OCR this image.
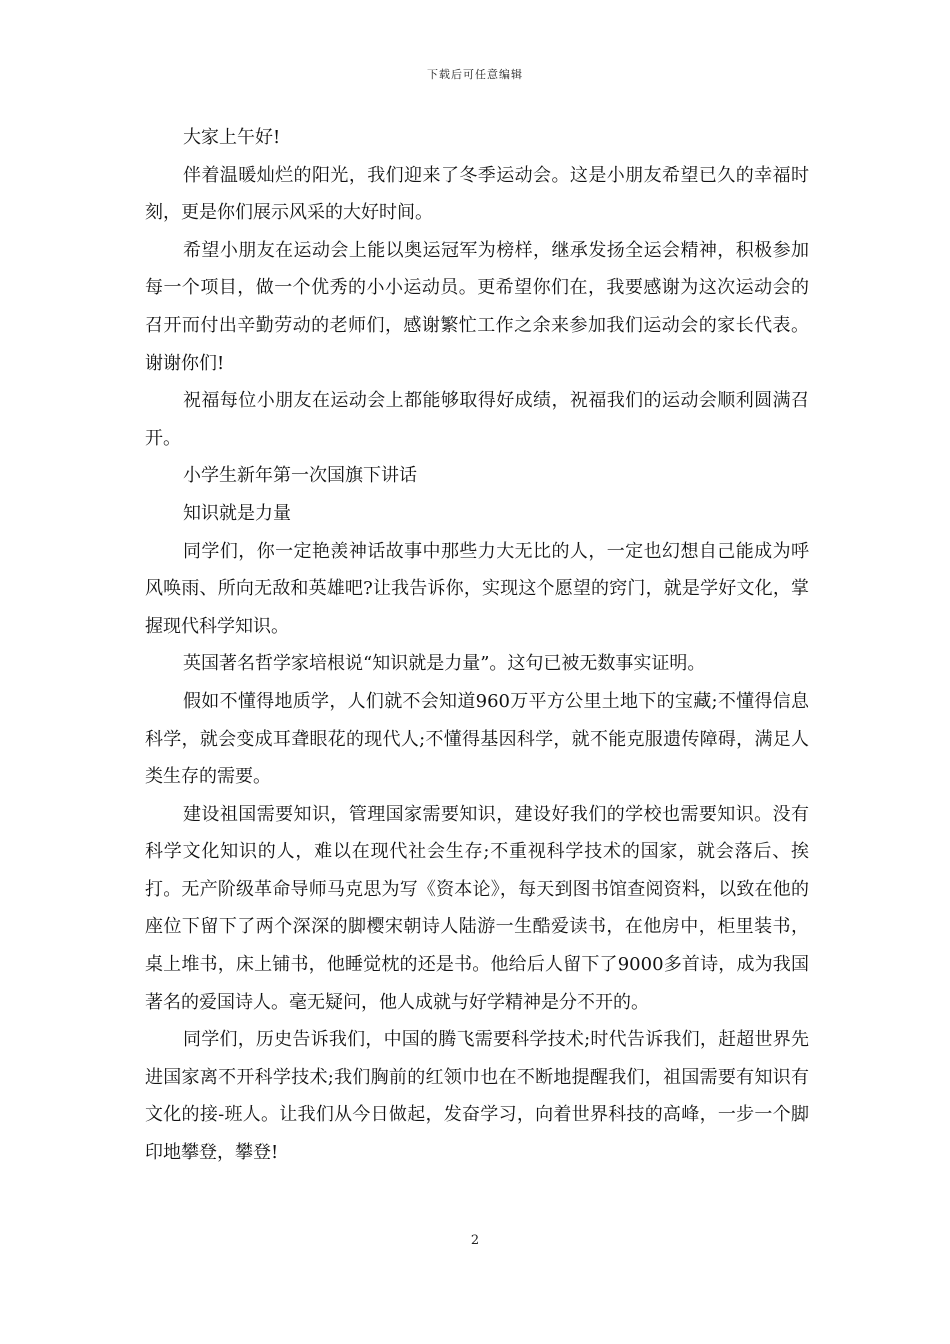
下载后可任意编辑

大家上午好!

伴着温暖灿烂的阳光，我们迎来了冬季运动会。这是小朋友希望已久的幸福时刻，更是你们展示风采的大好时间。

希望小朋友在运动会上能以奥运冠军为榜样，继承发扬全运会精神，积极参加每一个项目，做一个优秀的小小运动员。更希望你们在，我要感谢为这次运动会的召开而付出辛勤劳动的老师们，感谢繁忙工作之余来参加我们运动会的家长代表。谢谢你们!

祝福每位小朋友在运动会上都能够取得好成绩，祝福我们的运动会顺利圆满召开。

小学生新年第一次国旗下讲话

知识就是力量

同学们，你一定艳羡神话故事中那些力大无比的人，一定也幻想自己能成为呼风唤雨、所向无敌和英雄吧?让我告诉你，实现这个愿望的窍门，就是学好文化，掌握现代科学知识。

英国著名哲学家培根说“知识就是力量”。这句已被无数事实证明。

假如不懂得地质学，人们就不会知道960万平方公里土地下的宝藏;不懂得信息科学，就会变成耳聋眼花的现代人;不懂得基因科学，就不能克服遗传障碍，满足人类生存的需要。

建设祖国需要知识，管理国家需要知识，建设好我们的学校也需要知识。没有科学文化知识的人，难以在现代社会生存;不重视科学技术的国家，就会落后、挨打。无产阶级革命导师马克思为写《资本论》，每天到图书馆查阅资料，以致在他的座位下留下了两个深深的脚樱宋朝诗人陆游一生酷爱读书，在他房中，柜里装书，桌上堆书，床上铺书，他睡觉枕的还是书。他给后人留下了9000多首诗，成为我国著名的爱国诗人。毫无疑问，他人成就与好学精神是分不开的。

同学们，历史告诉我们，中国的腾飞需要科学技术;时代告诉我们，赶超世界先进国家离不开科学技术;我们胸前的红领巾也在不断地提醒我们，祖国需要有知识有文化的接-班人。让我们从今日做起，发奋学习，向着世界科技的高峰，一步一个脚印地攀登，攀登!

2
